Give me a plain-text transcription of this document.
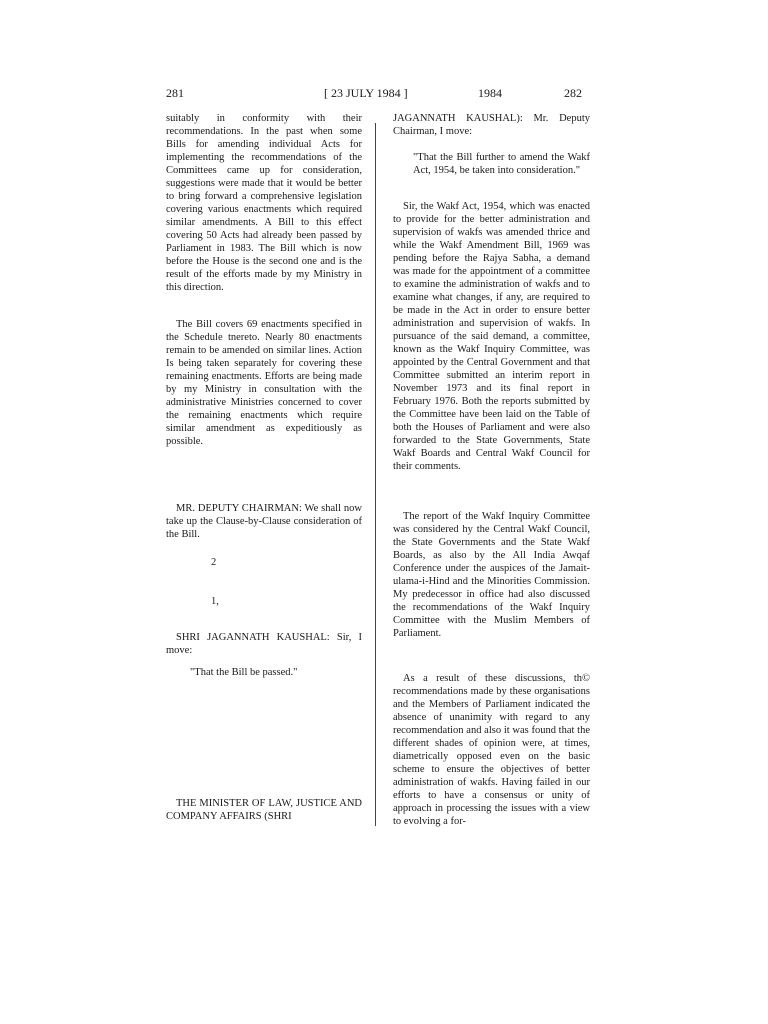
281	[ 23 JULY 1984 ]	1984	282

suitably in conformity with their recommendations. In the past when some Bills for amending individual Acts for implementing the recommendations of the Committees came up for consideration, suggestions were made that it would be better to bring forward a comprehensive legislation covering various enactments which required similar amendments. A Bill to this effect covering 50 Acts had already been passed by Parliament in 1983. The Bill which is now before the House is the second one and is the result of the efforts made by my Ministry in this direction.

The Bill covers 69 enactments specified in the Schedule tnereto. Nearly 80 enactments remain to be amended on similar lines. Action Is being taken separately for covering these remaining enactments. Efforts are being made by my Ministry in consultation with the administrative Ministries concerned to cover the remaining enactments which require similar amendment as expeditiously as possible.

MR. DEPUTY CHAIRMAN: We shall now take up the Clause-by-Clause consideration of the Bill.

2
1,

SHRI JAGANNATH KAUSHAL: Sir, I move:

"That the Bill be passed."

THE MINISTER OF LAW, JUSTICE AND COMPANY AFFAIRS (SHRI

JAGANNATH KAUSHAL): Mr. Deputy Chairman, I move:

"That the Bill further to amend the Wakf Act, 1954, be taken into consideration."

Sir, the Wakf Act, 1954, which was enacted to provide for the better administration and supervision of wakfs was amended thrice and while the Wakf Amendment Bill, 1969 was pending before the Rajya Sabha, a demand was made for the appointment of a committee to examine the administration of wakfs and to examine what changes, if any, are required to be made in the Act in order to ensure better administration and supervision of wakfs. In pursuance of the said demand, a committee, known as the Wakf Inquiry Committee, was appointed by the Central Government and that Committee submitted an interim report in November 1973 and its final report in February 1976. Both the reports submitted by the Committee have been laid on the Table of both the Houses of Parliament and were also forwarded to the State Governments, State Wakf Boards and Central Wakf Council for their comments.

The report of the Wakf Inquiry Committee was considered hy the Central Wakf Council, the State Governments and the State Wakf Boards, as also by the All India Awqaf Conference under the auspices of the Jamait-ulama-i-Hind and the Minorities Commission. My predecessor in office had also discussed the recommendations of the Wakf Inquiry Committee with the Muslim Members of Parliament.

As a result of these discussions, th© recommendations made by these organisations and the Members of Parliament indicated the absence of unanimity with regard to any recommendation and also it was found that the different shades of opinion were, at times, diametrically opposed even on the basic scheme to ensure the objectives of better administration of wakfs. Having failed in our efforts to have a consensus or unity of approach in processing the issues with a view to evolving a for-
